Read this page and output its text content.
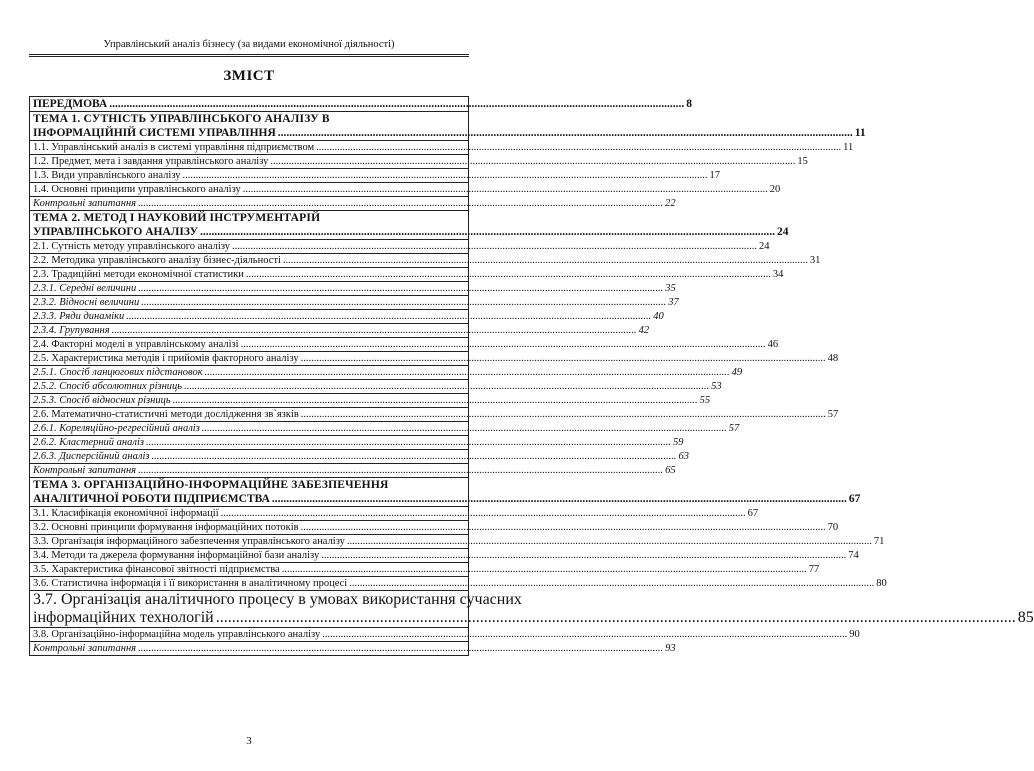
Управлінський аналіз бізнесу (за видами економічної діяльності)
ЗМІСТ
ПЕРЕДМОВА .....	8

ТЕМА 1. СУТНІСТЬ УПРАВЛІНСЬКОГО АНАЛІЗУ В
ІНФОРМАЦІЙНІЙ СИСТЕМІ УПРАВЛІННЯ .....	11

1.1. Управлінський аналіз в системі управління підприємством .....	11

1.2. Предмет, мета і завдання управлінського аналізу .....	15

1.3. Види управлінського аналізу .....	17

1.4. Основні принципи управлінського аналізу .....	20

Контрольні запитання .....	22

ТЕМА 2. МЕТОД І НАУКОВИЙ ІНСТРУМЕНТАРІЙ
УПРАВЛІНСЬКОГО АНАЛІЗУ .....	24

2.1. Сутність методу управлінського аналізу .....	24

2.2. Методика управлінського аналізу бізнес-діяльності .....	31

2.3. Традиційні методи економічної статистики .....	34

2.3.1. Середні величини .....	35

2.3.2. Відносні величини .....	37

2.3.3. Ряди динаміки .....	40

2.3.4. Групування .....	42

2.4. Факторні моделі в управлінському аналізі .....	46

2.5. Характеристика методів і прийомів факторного аналізу .....	48

2.5.1. Спосіб ланцюгових підстановок .....	49

2.5.2. Спосіб абсолютних різниць .....	53

2.5.3. Спосіб відносних різниць .....	55

2.6. Математично-статистичні методи дослідження зв`язків .....	57

2.6.1. Кореляційно-регресійний аналіз .....	57

2.6.2. Кластерний аналіз .....	59

2.6.3. Дисперсійний аналіз .....	63

Контрольні запитання .....	65

ТЕМА 3. ОРГАНІЗАЦІЙНО-ІНФОРМАЦІЙНЕ ЗАБЕЗПЕЧЕННЯ
АНАЛІТИЧНОЇ РОБОТИ ПІДПРИЄМСТВА .....	67

3.1. Класифікація економічної інформації .....	67

3.2. Основні принципи формування інформаційних потоків .....	70

3.3. Організація інформаційного забезпечення управлінського аналізу .....	71

3.4. Методи та джерела формування інформаційної бази аналізу .....	74

3.5. Характеристика фінансової звітності підприємства .....	77

3.6. Статистична інформація і її використання в аналітичному процесі .....	80

3.7. Організація аналітичного процесу в умовах використання сучасних
інформаційних технологій .....	85

3.8. Організаційно-інформаційна модель управлінського аналізу .....	90

Контрольні запитання .....	93
3
